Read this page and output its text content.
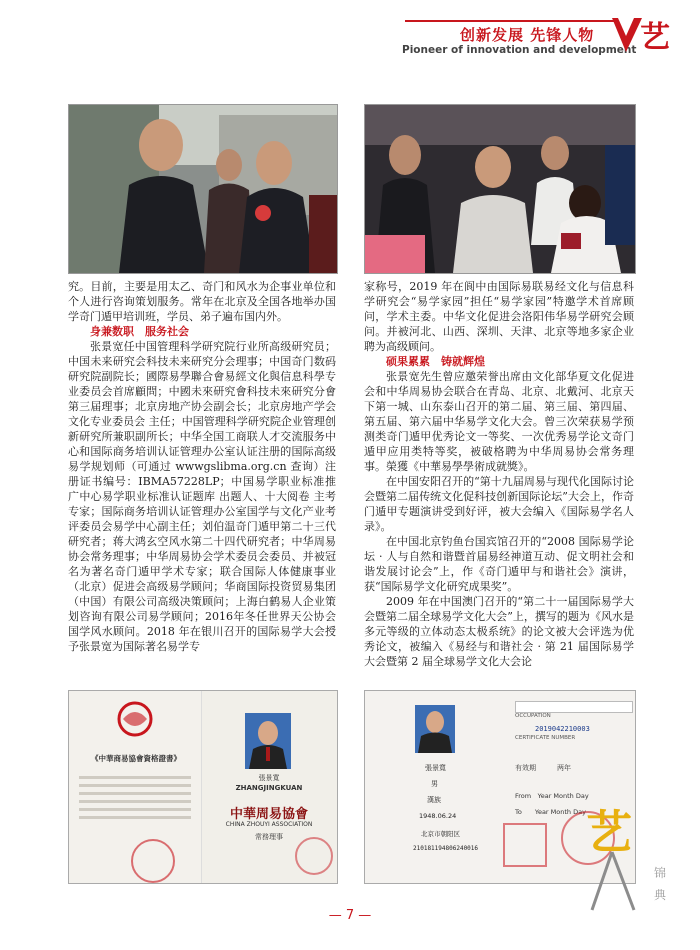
创新发展 先锋人物
Pioneer of innovation and development 艺

究。目前，主要是用太乙、奇门和风水为企事业单位和个人进行咨询策划服务。常年在北京及全国各地举办国学奇门遁甲培训班，学员、弟子遍布国内外。

身兼数职　服务社会

张景宽任中国管理科学研究院行业所高级研究员；中国未来研究会科技未来研究分会理事；中国奇门数码研究院副院长；國際易學聯合會易經文化與信息科學专业委员会首席顧問；中國未來研究會科技未來研究分會第三届理事；北京房地产协会副会长；北京房地产学会文化专业委员会 主任；中国管理科学研究院企业管理创新研究所兼职副所长；中华全国工商联人才交流服务中心和国际商务培训认证管理办公室认证注册的国际高级易学规划师（可通过 wwwgslibma.org.cn 查询）注册证书编号：IBMA57228LP；中国易学职业标准推广中心易学职业标准认证题库 出题人、十大阅卷 主考专家；国际商务培训认证管理办公室国学与文化产业考评委员会易学中心副主任；刘伯温奇门遁甲第二十三代研究者；蒋大鸿玄空风水第二十四代研究者；中华周易协会常务理事；中华周易协会学术委员会委员、并被冠名为著名奇门遁甲学术专家；联合国际人体健康事业（北京）促进会高级易学顾问；华商国际投资贸易集团（中国）有限公司高级决策顾问；上海白鹤易人企业策划咨询有限公司易学顾问；2016年冬任世界天公协会国学风水顾问。2018 年在银川召开的国际易学大会授予张景宽为国际著名易学专

家称号，2019 年在阆中由国际易联易经文化与信息科学研究会“易学家园”担任“易学家园”特邀学术首席顾问，学术主委。中华文化促进会洛阳伟华易学研究会顾问。并被河北、山西、深圳、天津、北京等地多家企业聘为高级顾问。

硕果累累　铸就辉煌

张景宽先生曾应邀荣誉出席由文化部华夏文化促进会和中华周易协会联合在青岛、北京、北戴河、北京天下第一城、山东泰山召开的第二届、第三届、第四届、第五届、第六届中华易学文化大会。曾三次荣获易学预测类奇门遁甲优秀论文一等奖、一次优秀易学论文奇门遁甲应用类特等奖，被破格聘为中华周易协会常务理事。榮獲《中華易學學術成就獎》。

在中国安阳召开的“第十九届周易与现代化国际讨论会暨第二届传统文化促科技创新国际论坛”大会上，作奇门遁甲专题演讲受到好评，被大会编入《国际易学名人录》。

在中国北京钓鱼台国宾馆召开的“2008 国际易学论坛 · 人与自然和谐暨首届易经神道互动、促文明社会和谐发展讨论会”上，作《奇门遁甲与和谐社会》演讲，获“国际易学文化研究成果奖”。

2009 年在中国澳门召开的“第二十一届国际易学大会暨第二届全球易学文化大会”上，撰写的题为《风水是多元等级的立体动态太极系统》的论文被大会评选为优秀论文，被编入《易经与和谐社会 · 第 21 届国际易学大会暨第 2 届全球易学文化大会论

《中華商易協會資格證書》
張景寬
ZHANGJINGKUAN
中華周易協會
CHINA ZHOUYI ASSOCIATION
常務理事
OCCUPATION
2019042210003
CERTIFICATE NUMBER
張景寬
男
漢族
1948.06.24
北京市朝阳区
210181194806240016
有效期	两年
From　Year Month Day
To　　Year Month Day 艺
锦
典
— 7 —
